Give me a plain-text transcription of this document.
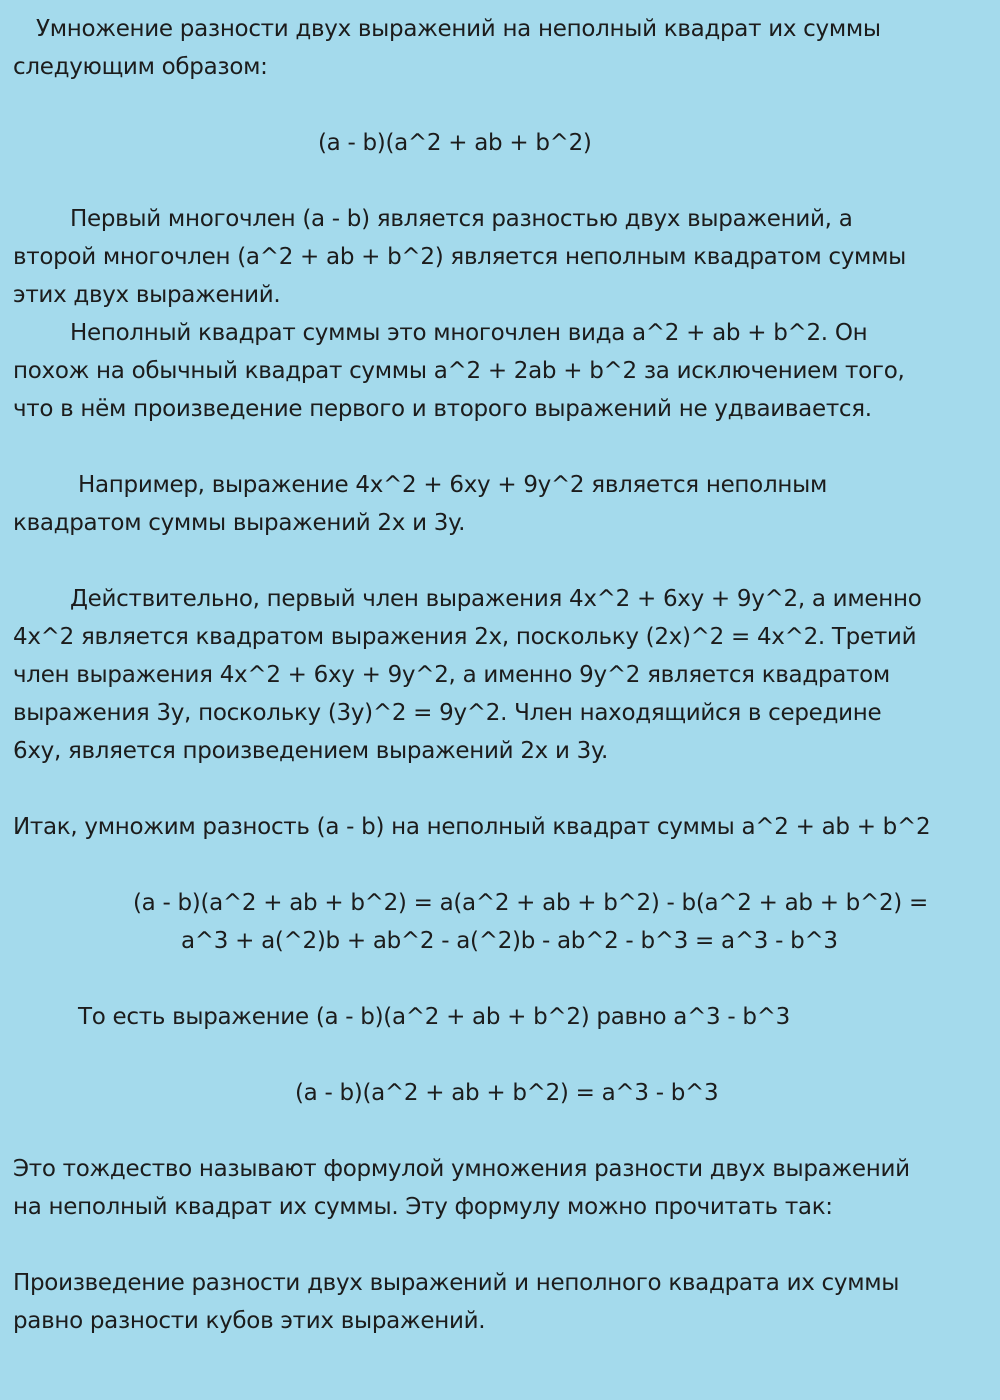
Умножение разности двух выражений на неполный квадрат их суммы
следующим образом:
(a - b)(a^2 + ab + b^2)
Первый многочлен (a - b) является разностью двух выражений, а
второй многочлен (a^2 + ab + b^2) является неполным квадратом суммы
этих двух выражений.
Неполный квадрат суммы это многочлен вида a^2 + ab + b^2. Он
похож на обычный квадрат суммы a^2 + 2ab + b^2 за исключением того,
что в нём произведение первого и второго выражений не удваивается.
Например, выражение 4x^2 + 6xy + 9y^2 является неполным
квадратом суммы выражений 2x и 3y.
Действительно, первый член выражения 4x^2 + 6xy + 9y^2, а именно
4x^2 является квадратом выражения 2x, поскольку (2x)^2 = 4x^2. Третий
член выражения 4x^2 + 6xy + 9y^2, а именно 9y^2 является квадратом
выражения 3y, поскольку (3y)^2 = 9y^2. Член находящийся в середине
6xy, является произведением выражений 2x и 3y.
Итак, умножим разность (a - b) на неполный квадрат суммы a^2 + ab + b^2
(a - b)(a^2 + ab + b^2) = a(a^2 + ab + b^2) - b(a^2 + ab + b^2) =
a^3 + a(^2)b + ab^2 - a(^2)b - ab^2 - b^3 = a^3 - b^3
То есть выражение (a - b)(a^2 + ab + b^2) равно a^3 - b^3
(a - b)(a^2 + ab + b^2) = a^3 - b^3
Это тождество называют формулой умножения разности двух выражений
на неполный квадрат их суммы. Эту формулу можно прочитать так:
Произведение разности двух выражений и неполного квадрата их суммы
равно разности кубов этих выражений.
